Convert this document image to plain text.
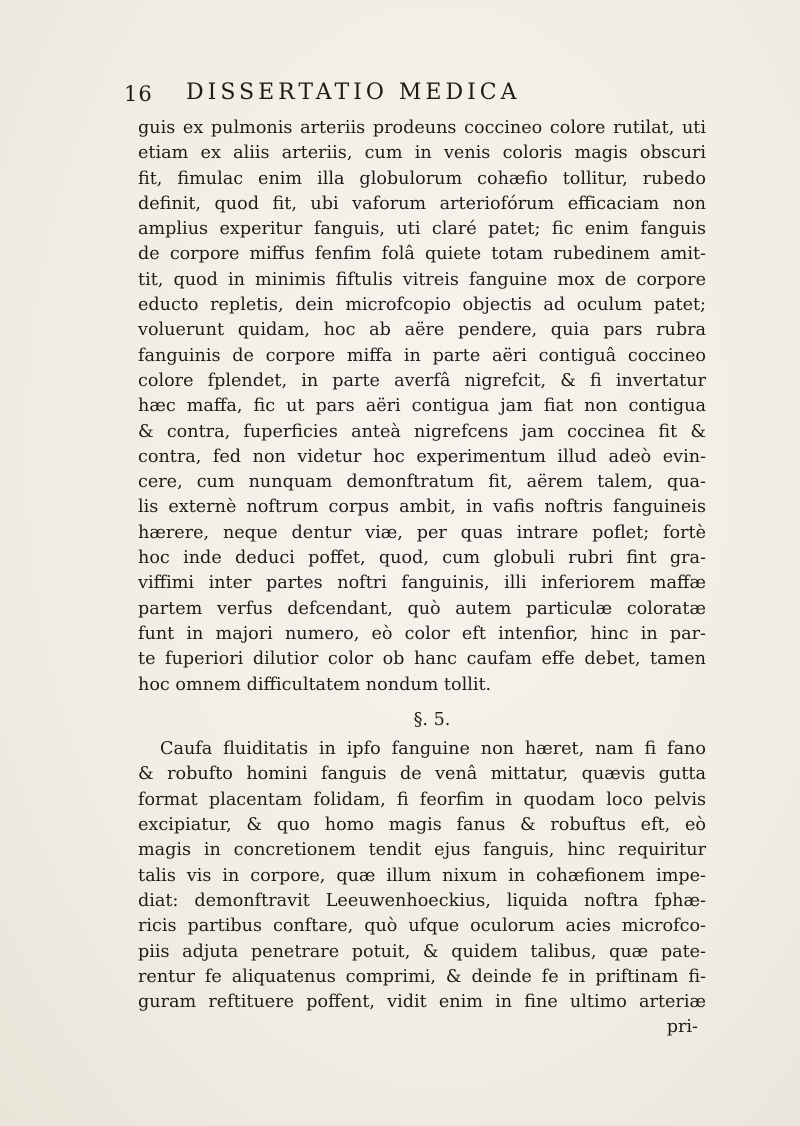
16 DISSERTATIO MEDICA
guis ex pulmonis arteriis prodeuns coccineo colore rutilat, uti
etiam ex aliis arteriis, cum in venis coloris magis obscuri
fit, fimulac enim illa globulorum cohæfio tollitur, rubedo
definit, quod fit, ubi vaforum arteriofórum efficaciam non
amplius experitur fanguis, uti claré patet; fic enim fanguis
de corpore miffus fenfim folâ quiete totam rubedinem amit-
tit, quod in minimis fiftulis vitreis fanguine mox de corpore
eductо repletis, dein microfcopio objectis ad oculum patet;
voluerunt quidam, hoc ab aëre pendere, quia pars rubra
fanguinis de corpore miffa in parte aëri contiguâ coccineo
colore fplendet, in parte averfâ nigrefcit, & fi invertatur
hæc maffa, fic ut pars aëri contigua jam fiat non contigua
& contra, fuperficies anteà nigrefcens jam coccinea fit &
contra, fed non videtur hoc experimentum illud adeò evin-
cere, cum nunquam demonftratum fit, aërem talem, qua-
lis externè noftrum corpus ambit, in vafis noftris fanguineis
hærere, neque dentur viæ, per quas intrare poflet; fortè
hoc inde deduci poffet, quod, cum globuli rubri fint gra-
viffimi inter partes noftri fanguinis, illi inferiorem maffæ
partem verfus defcendant, quò autem particulæ coloratæ
funt in majori numero, eò color eft intenfior, hinc in par-
te fuperiori dilutior color ob hanc caufam effe debet, tamen
hoc omnem difficultatem nondum tollit.
§. 5.
Caufa fluiditatis in ipfo fanguine non hæret, nam fi fano
& robufto homini fanguis de venâ mittatur, quævis gutta
format placentam folidam, fi feorfim in quodam loco pelvis
excipiatur, & quo homo magis fanus & robuftus eft, eò
magis in concretionem tendit ejus fanguis, hinc requiritur
talis vis in corpore, quæ illum nixum in cohæfionem impe-
diat: demonftravit Leeuwenhoeckius, liquida noftra fphæ-
ricis partibus conftare, quò ufque oculorum acies microfco-
piis adjuta penetrare potuit, & quidem talibus, quæ pate-
rentur fe aliquatenus comprimi, & deinde fe in priftinam fi-
guram reftituere poffent, vidit enim in fine ultimo arteriæ
pri-
